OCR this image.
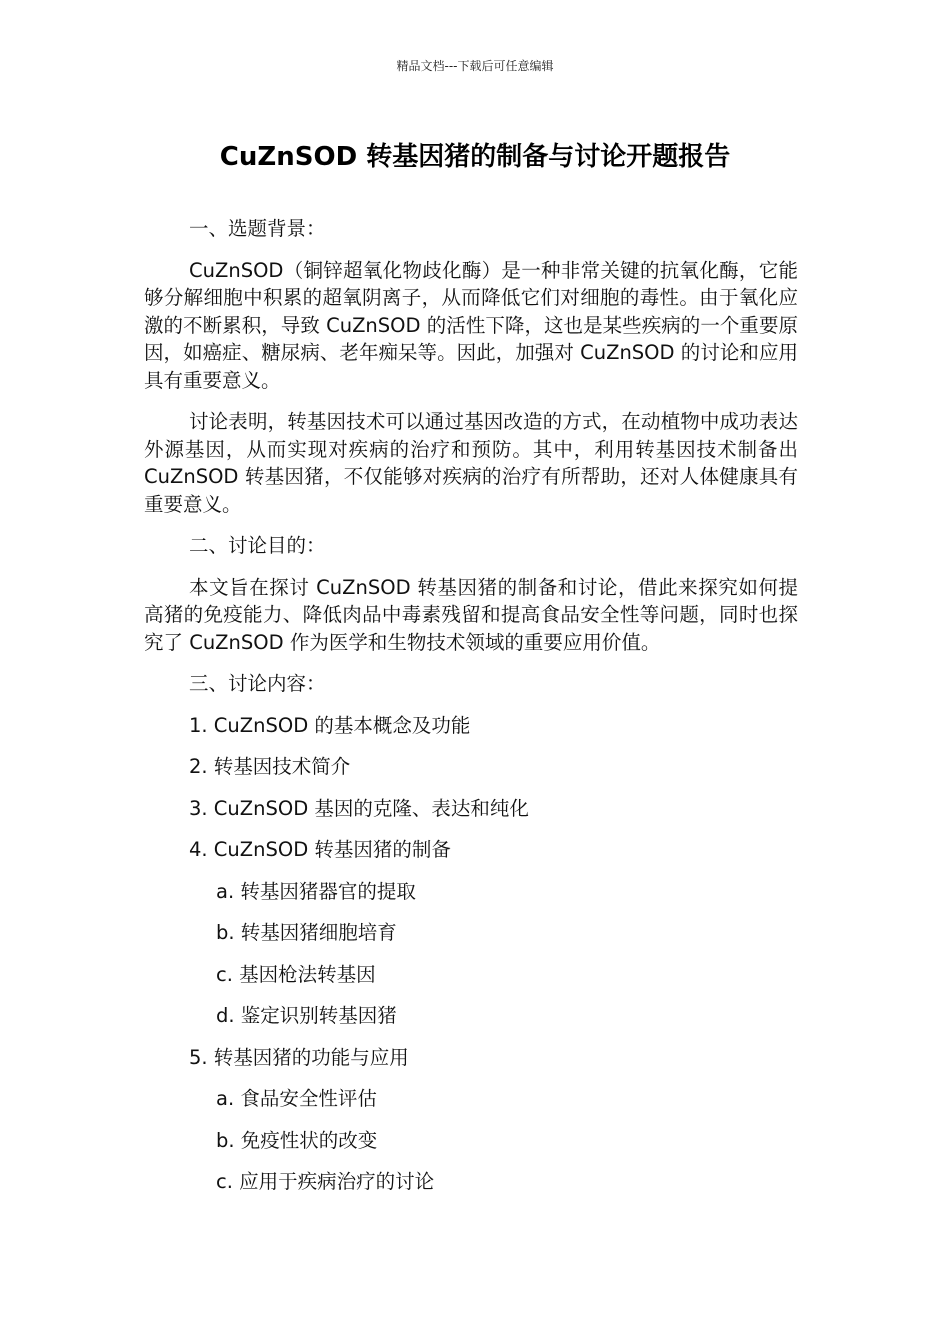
精品文档---下载后可任意编辑
CuZnSOD 转基因猪的制备与讨论开题报告

一、选题背景：

CuZnSOD（铜锌超氧化物歧化酶）是一种非常关键的抗氧化酶，它能够分解细胞中积累的超氧阴离子，从而降低它们对细胞的毒性。由于氧化应激的不断累积，导致 CuZnSOD 的活性下降，这也是某些疾病的一个重要原因，如癌症、糖尿病、老年痴呆等。因此，加强对 CuZnSOD 的讨论和应用具有重要意义。

讨论表明，转基因技术可以通过基因改造的方式，在动植物中成功表达外源基因，从而实现对疾病的治疗和预防。其中，利用转基因技术制备出 CuZnSOD 转基因猪，不仅能够对疾病的治疗有所帮助，还对人体健康具有重要意义。

二、讨论目的：

本文旨在探讨 CuZnSOD 转基因猪的制备和讨论，借此来探究如何提高猪的免疫能力、降低肉品中毒素残留和提高食品安全性等问题，同时也探究了 CuZnSOD 作为医学和生物技术领域的重要应用价值。

三、讨论内容：

1. CuZnSOD 的基本概念及功能

2. 转基因技术简介

3. CuZnSOD 基因的克隆、表达和纯化

4. CuZnSOD 转基因猪的制备

a. 转基因猪器官的提取

b. 转基因猪细胞培育

c. 基因枪法转基因

d. 鉴定识别转基因猪

5. 转基因猪的功能与应用

a. 食品安全性评估

b. 免疫性状的改变

c. 应用于疾病治疗的讨论
